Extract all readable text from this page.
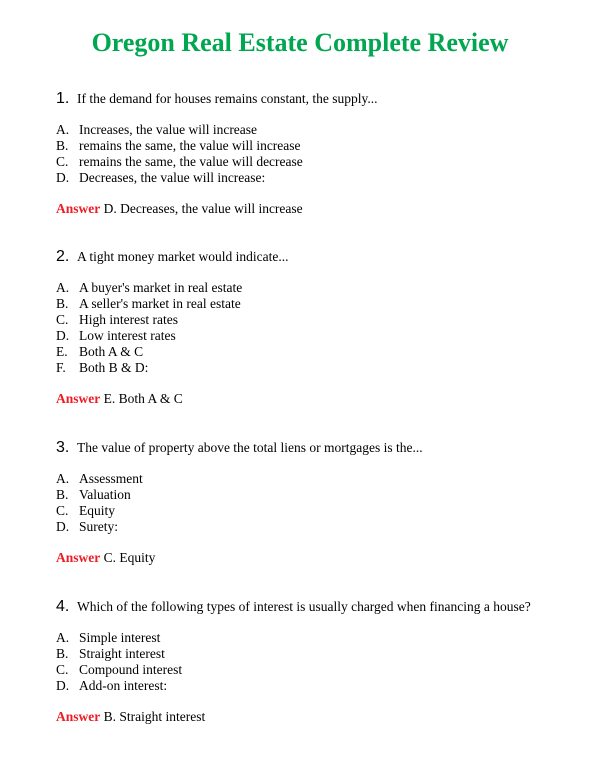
Oregon Real Estate Complete Review
1. If the demand for houses remains constant, the supply...
A. Increases, the value will increase
B. remains the same, the value will increase
C. remains the same, the value will decrease
D. Decreases, the value will increase:
Answer D. Decreases, the value will increase
2. A tight money market would indicate...
A. A buyer's market in real estate
B. A seller's market in real estate
C. High interest rates
D. Low interest rates
E. Both A & C
F. Both B & D:
Answer E. Both A & C
3. The value of property above the total liens or mortgages is the...
A. Assessment
B. Valuation
C. Equity
D. Surety:
Answer C. Equity
4. Which of the following types of interest is usually charged when financing a house?
A. Simple interest
B. Straight interest
C. Compound interest
D. Add-on interest:
Answer B. Straight interest
